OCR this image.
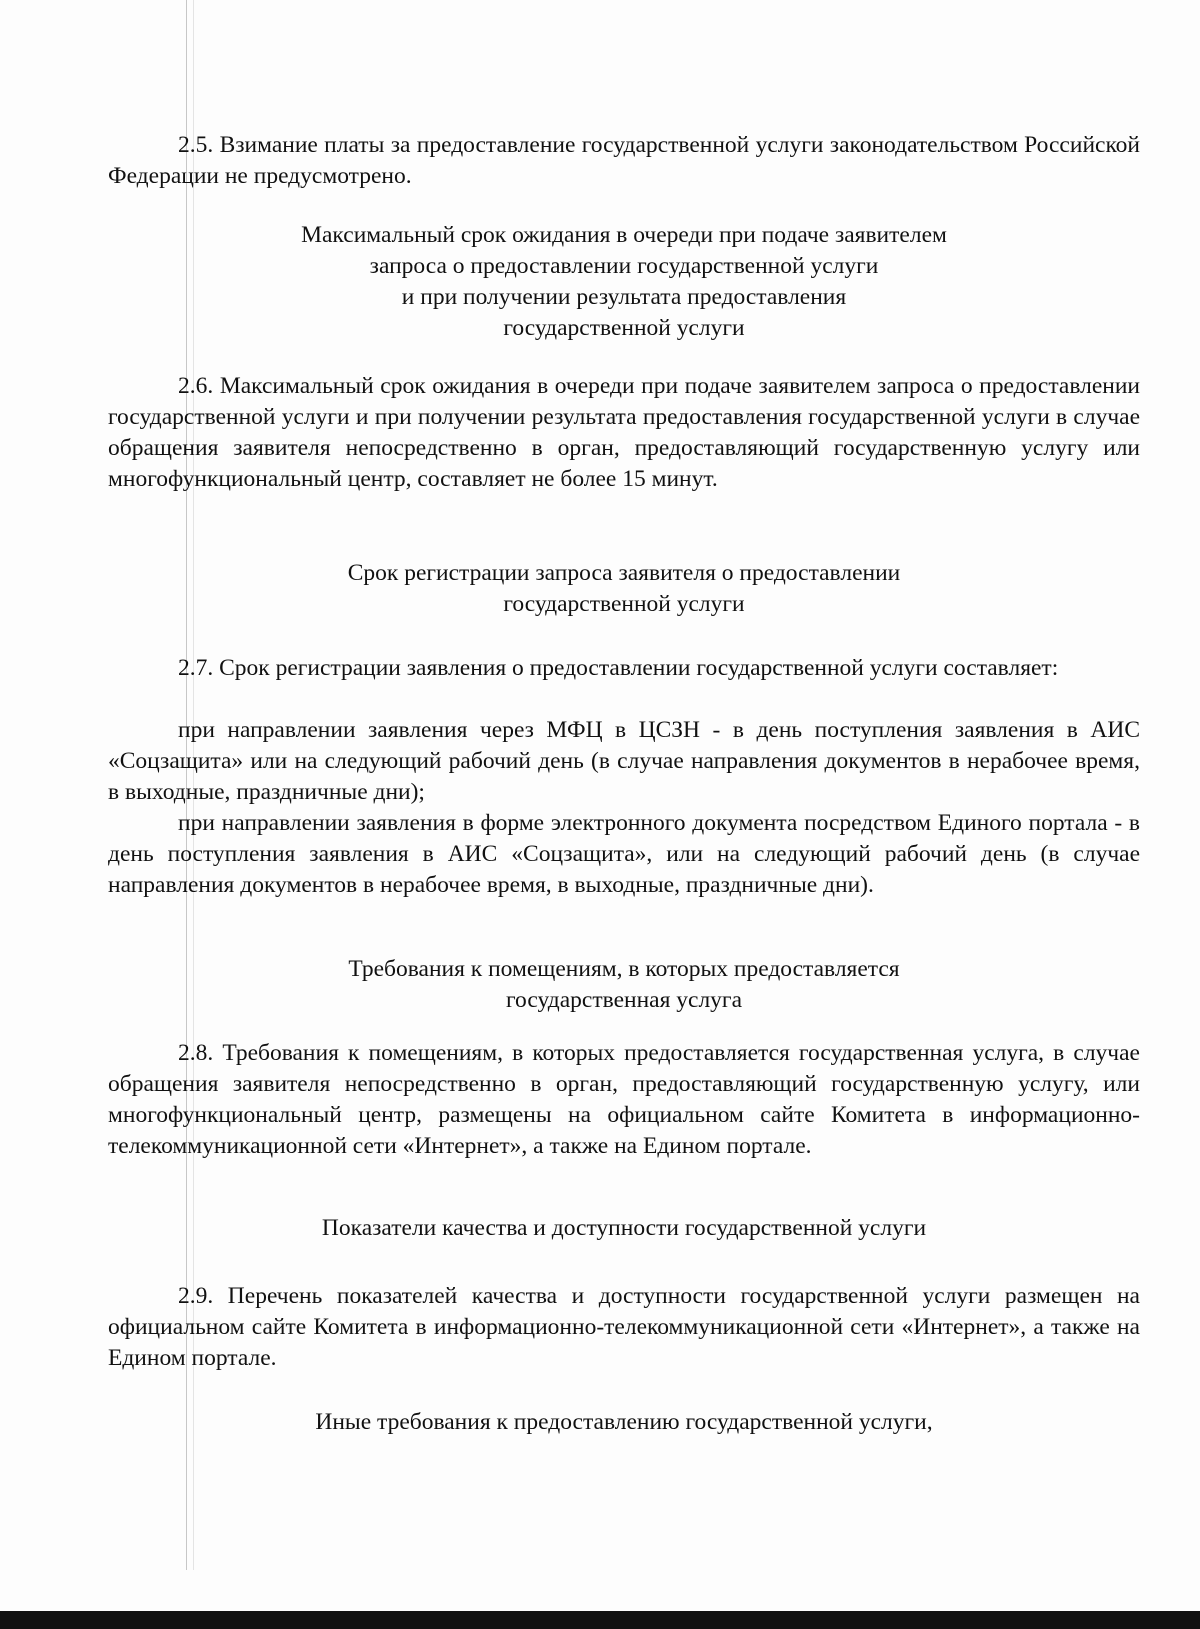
2.5. Взимание платы за предоставление государственной услуги законодательством Российской Федерации не предусмотрено.

Максимальный срок ожидания в очереди при подаче заявителем
запроса о предоставлении государственной услуги
и при получении результата предоставления
государственной услуги

2.6. Максимальный срок ожидания в очереди при подаче заявителем запроса о предоставлении государственной услуги и при получении результата предоставления государственной услуги в случае обращения заявителя непосредственно в орган, предоставляющий государственную услугу или многофункциональный центр, составляет не более 15 минут.

Срок регистрации запроса заявителя о предоставлении
государственной услуги

2.7. Срок регистрации заявления о предоставлении государственной услуги составляет:

при направлении заявления через МФЦ в ЦСЗН - в день поступления заявления в АИС «Соцзащита» или на следующий рабочий день (в случае направления документов в нерабочее время, в выходные, праздничные дни);

при направлении заявления в форме электронного документа посредством Единого портала - в день поступления заявления в АИС «Соцзащита», или на следующий рабочий день (в случае направления документов в нерабочее время, в выходные, праздничные дни).

Требования к помещениям, в которых предоставляется
государственная услуга

2.8. Требования к помещениям, в которых предоставляется государственная услуга, в случае обращения заявителя непосредственно в орган, предоставляющий государственную услугу, или многофункциональный центр, размещены на официальном сайте Комитета в информационно-телекоммуникационной сети «Интернет», а также на Едином портале.

Показатели качества и доступности государственной услуги

2.9. Перечень показателей качества и доступности государственной услуги размещен на официальном сайте Комитета в информационно-телекоммуникационной сети «Интернет», а также на Едином портале.

Иные требования к предоставлению государственной услуги,
